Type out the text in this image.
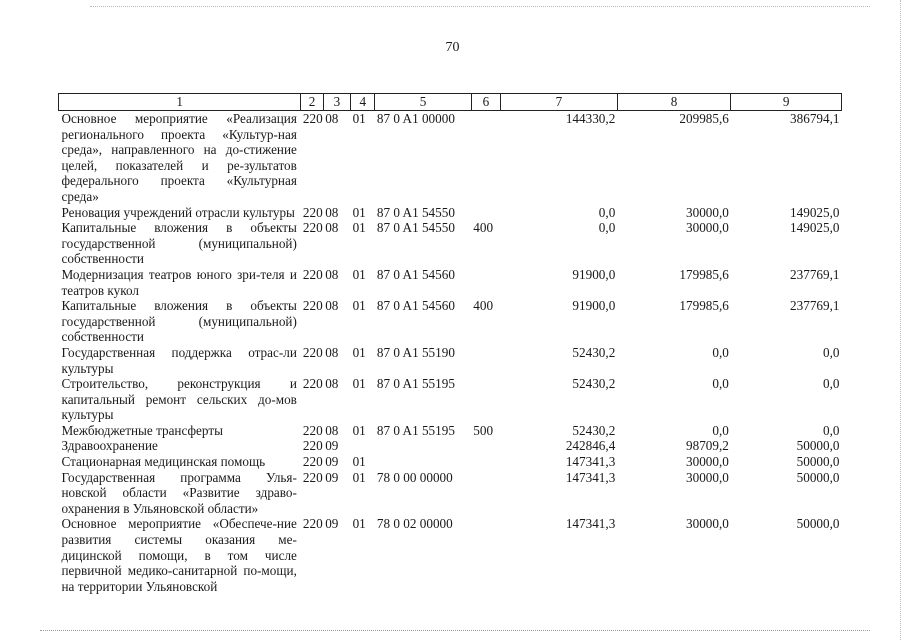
70
1	2	3	4	5	6	7	8	9
Основное мероприятие «Реализация регионального проекта «Культур-ная среда», направленного на до-стижение целей, показателей и ре-зультатов федерального проекта «Культурная среда»	220	08	01	87 0 A1 00000		144330,2	209985,6	386794,1
Реновация учреждений отрасли культуры	220	08	01	87 0 A1 54550		0,0	30000,0	149025,0
Капитальные вложения в объекты государственной (муниципальной) собственности	220	08	01	87 0 A1 54550	400	0,0	30000,0	149025,0
Модернизация театров юного зри-теля и театров кукол	220	08	01	87 0 A1 54560		91900,0	179985,6	237769,1
Капитальные вложения в объекты государственной (муниципальной) собственности	220	08	01	87 0 A1 54560	400	91900,0	179985,6	237769,1
Государственная поддержка отрас-ли культуры	220	08	01	87 0 A1 55190		52430,2	0,0	0,0
Строительство, реконструкция и капитальный ремонт сельских до-мов культуры	220	08	01	87 0 A1 55195		52430,2	0,0	0,0
Межбюджетные трансферты	220	08	01	87 0 A1 55195	500	52430,2	0,0	0,0
Здравоохранение	220	09				242846,4	98709,2	50000,0
Стационарная медицинская помощь	220	09	01			147341,3	30000,0	50000,0
Государственная программа Улья-новской области «Развитие здраво-охранения в Ульяновской области»	220	09	01	78 0 00 00000		147341,3	30000,0	50000,0
Основное мероприятие «Обеспече-ние развития системы оказания ме-дицинской помощи, в том числе первичной медико-санитарной по-мощи, на территории Ульяновской	220	09	01	78 0 02 00000		147341,3	30000,0	50000,0
